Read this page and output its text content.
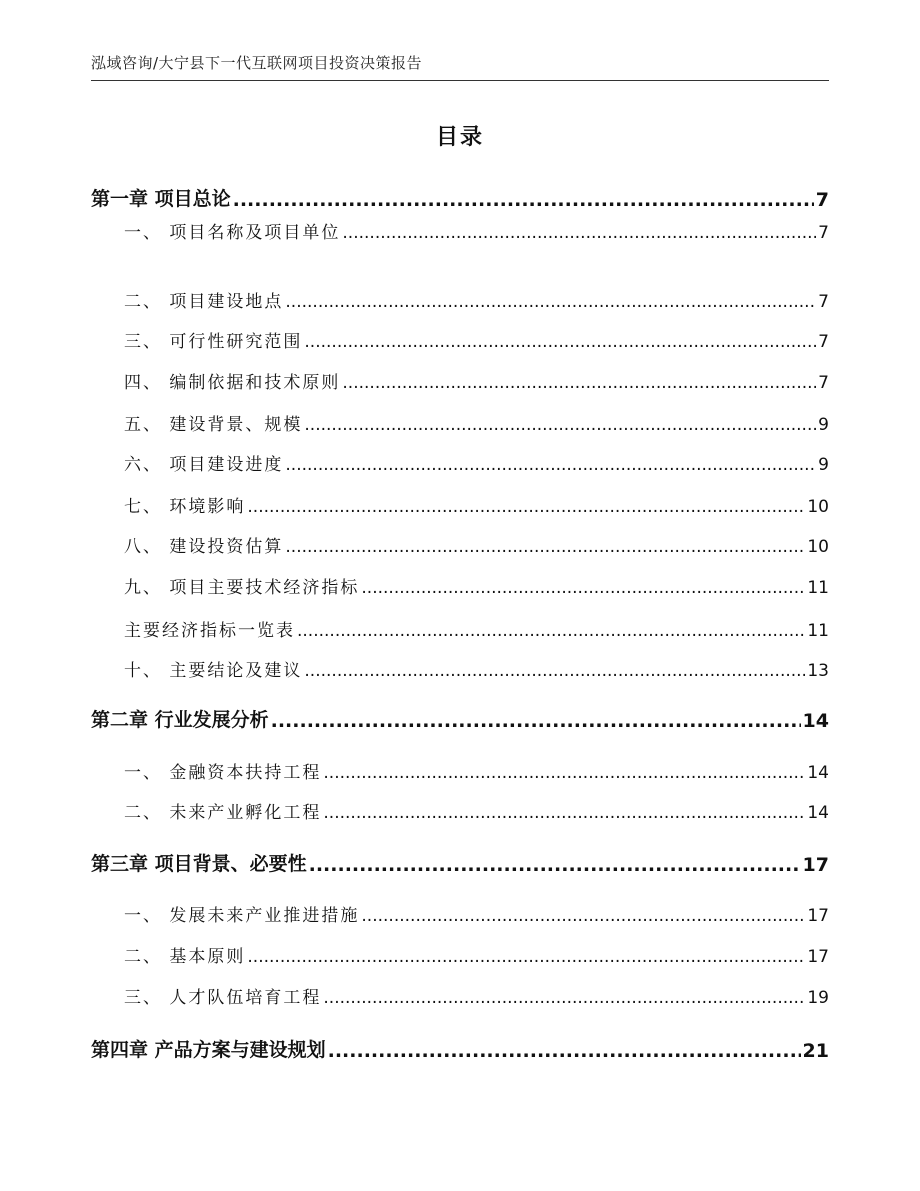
泓域咨询/大宁县下一代互联网项目投资决策报告
目录
第一章 项目总论 .....	7
一、 项目名称及项目单位 .....	7
二、 项目建设地点 .....	7
三、 可行性研究范围 .....	7
四、 编制依据和技术原则 .....	7
五、 建设背景、规模 .....	9
六、 项目建设进度 .....	9
七、 环境影响 .....	10
八、 建设投资估算 .....	10
九、 项目主要技术经济指标 .....	11
主要经济指标一览表 .....	11
十、 主要结论及建议 .....	13
第二章 行业发展分析 .....	14
一、 金融资本扶持工程 .....	14
二、 未来产业孵化工程 .....	14
第三章 项目背景、必要性 .....	17
一、 发展未来产业推进措施 .....	17
二、 基本原则 .....	17
三、 人才队伍培育工程 .....	19
第四章 产品方案与建设规划 .....	21
